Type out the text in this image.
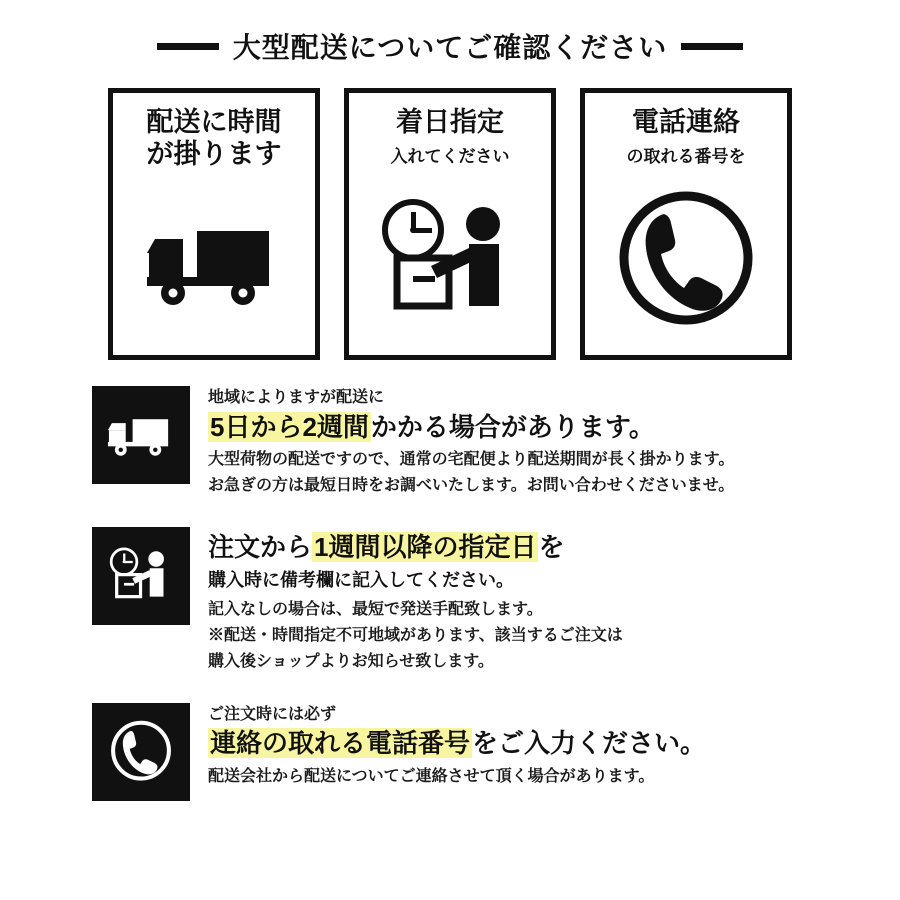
大型配送についてご確認ください
配送に時間
が掛ります
着日指定
入れてください
電話連絡
の取れる番号を
地域によりますが配送に
5日から2週間かかる場合があります。
大型荷物の配送ですので、通常の宅配便より配送期間が長く掛かります。
お急ぎの方は最短日時をお調べいたします。お問い合わせくださいませ。
注文から1週間以降の指定日を
購入時に備考欄に記入してください。
記入なしの場合は、最短で発送手配致します。
※配送・時間指定不可地域があります、該当するご注文は
購入後ショップよりお知らせ致します。
ご注文時には必ず
連絡の取れる電話番号をご入力ください。
配送会社から配送についてご連絡させて頂く場合があります。
